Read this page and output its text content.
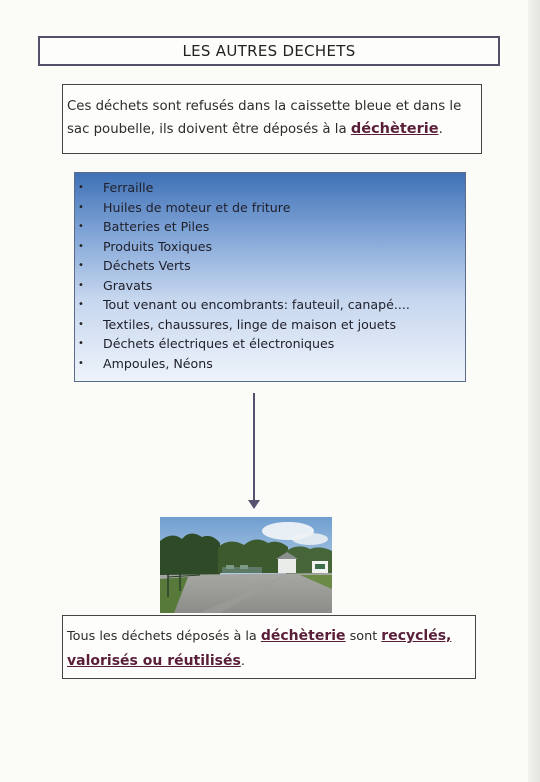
LES AUTRES DECHETS
Ces déchets sont refusés dans la caissette bleue et dans le sac poubelle, ils doivent être déposés à la déchèterie.
• Ferraille
• Huiles de moteur et de friture
• Batteries et Piles
• Produits Toxiques
• Déchets Verts
• Gravats
• Tout venant ou encombrants: fauteuil, canapé....
• Textiles, chaussures, linge de maison et jouets
• Déchets électriques et électroniques
• Ampoules, Néons
Tous les déchets déposés à la déchèterie sont recyclés, valorisés ou réutilisés.
